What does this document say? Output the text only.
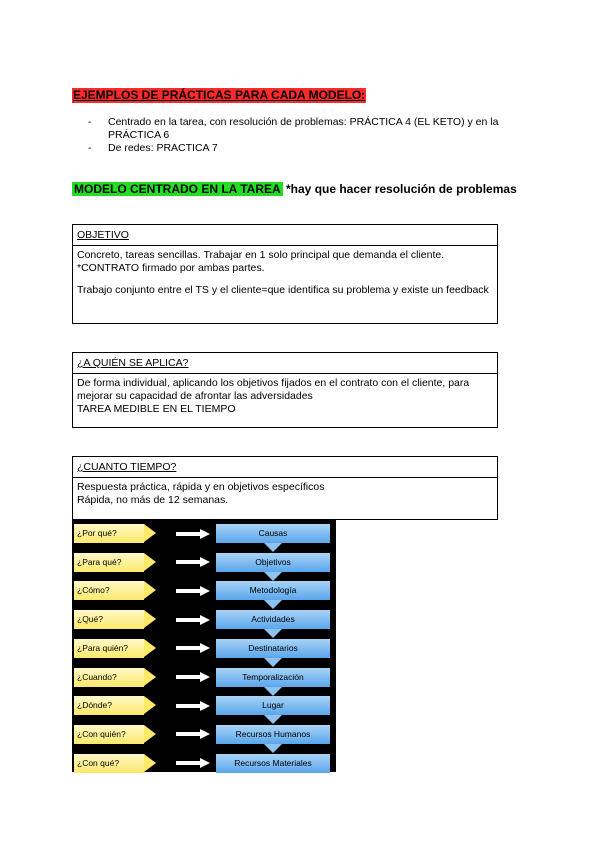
EJEMPLOS DE PRÁCTICAS PARA CADA MODELO:
-	Centrado en la tarea, con resolución de problemas: PRÁCTICA 4 (EL KETO) y en la PRÁCTICA 6
-	De redes: PRACTICA 7
MODELO CENTRADO EN LA TAREA *hay que hacer resolución de problemas
OBJETIVO

Concreto, tareas sencillas. Trabajar en 1 solo principal que demanda el cliente.

*CONTRATO firmado por ambas partes.

Trabajo conjunto entre el TS y el cliente=que identifica su problema y existe un feedback

¿A QUIÉN SE APLICA?

De forma individual, aplicando los objetivos fijados en el contrato con el cliente, para mejorar su capacidad de afrontar las adversidades

TAREA MEDIBLE EN EL TIEMPO

¿CUANTO TIEMPO?

Respuesta práctica, rápida y en objetivos específicos

Rápida, no más de 12 semanas.

¿Por qué?	Causas
¿Para qué?	Objetivos
¿Cómo?	Metodología
¿Qué?	Actividades
¿Para quién?	Destinatarios
¿Cuando?	Temporalización
¿Dónde?	Lugar
¿Con quién?	Recursos Humanos
¿Con qué?	Recursos Materiales
